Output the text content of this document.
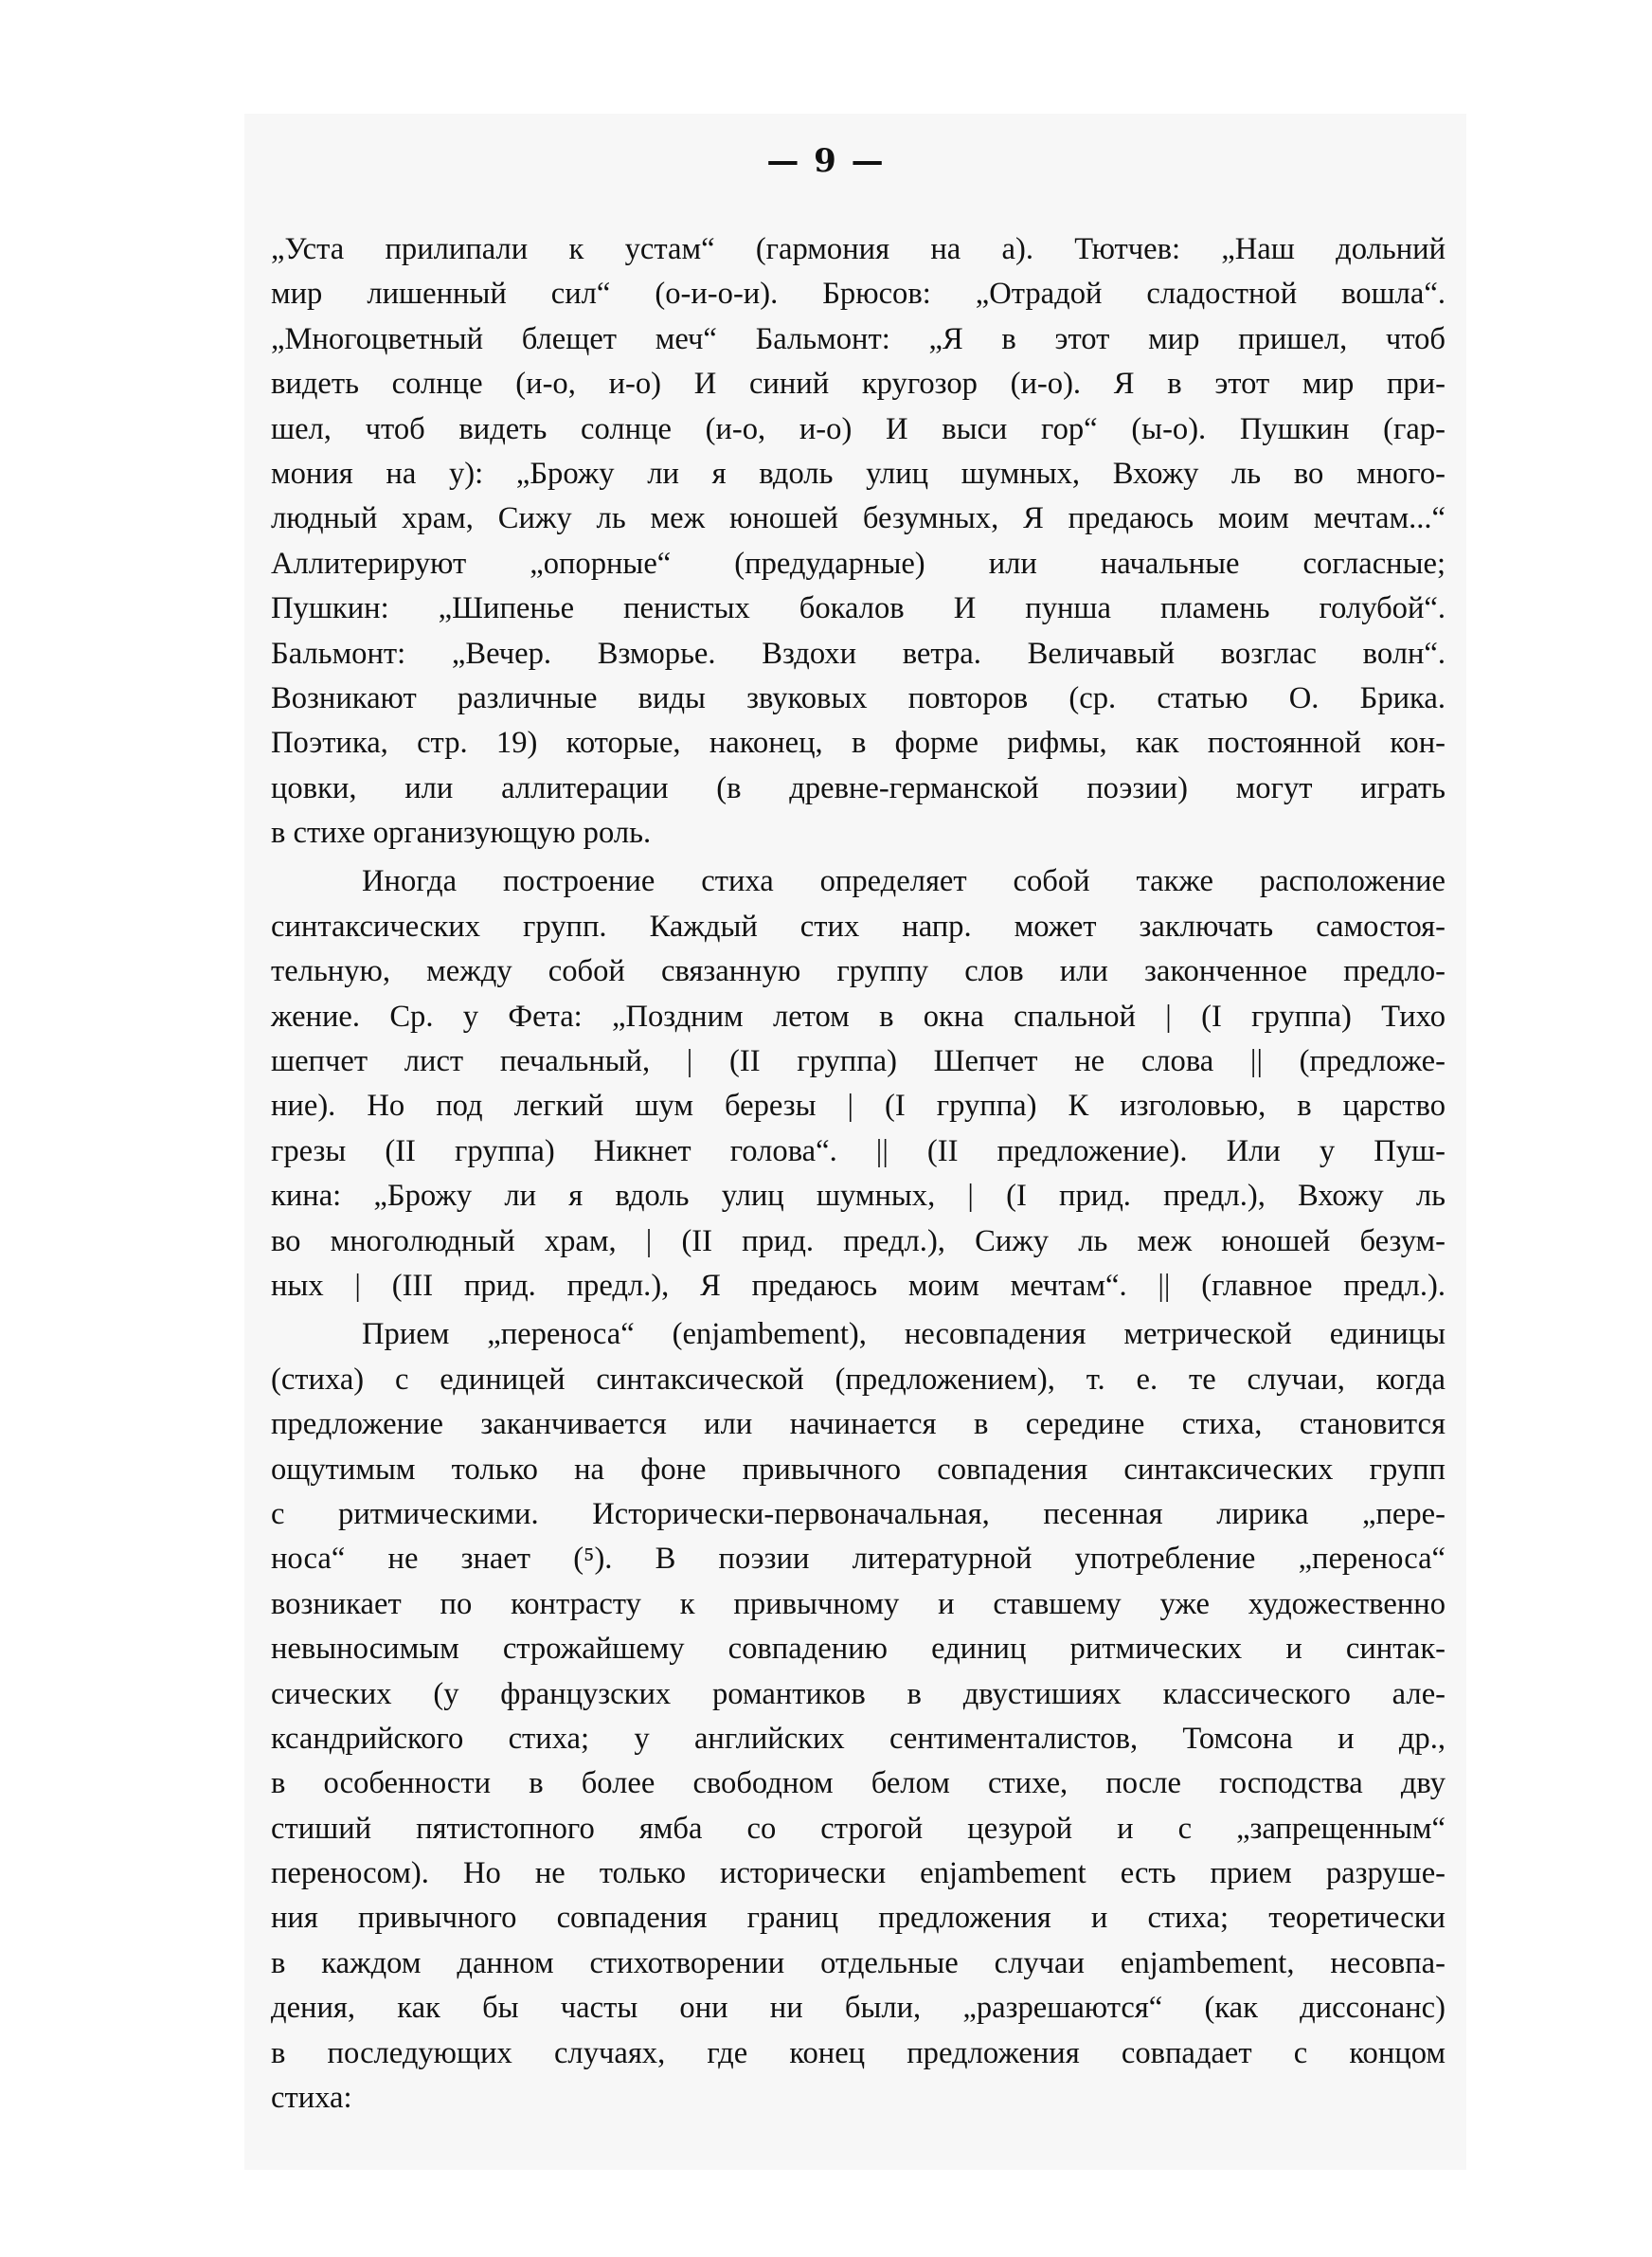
— 9 —
„Уста прилипали к устам“ (гармония на а). Тютчев: „Наш дольний
мир лишенный сил“ (о-и-о-и). Брюсов: „Отрадой сладостной вошла“.
„Многоцветный блещет меч“ Бальмонт: „Я в этот мир пришел, чтоб
видеть солнце (и-о, и-о) И синий кругозор (и-о). Я в этот мир при-
шел, чтоб видеть солнце (и-о, и-о) И выси гор“ (ы-о). Пушкин (гар-
мония на у): „Брожу ли я вдоль улиц шумных, Вхожу ль во много-
людный храм, Сижу ль меж юношей безумных, Я предаюсь моим мечтам...“
Аллитерируют „опорные“ (предударные) или начальные согласные;
Пушкин: „Шипенье пенистых бокалов И пунша пламень голубой“.
Бальмонт: „Вечер. Взморье. Вздохи ветра. Величавый возглас волн“.
Возникают различные виды звуковых повторов (ср. статью О. Брика.
Поэтика, стр. 19) которые, наконец, в форме рифмы, как постоянной кон-
цовки, или аллитерации (в древне-германской поэзии) могут играть
в стихе организующую роль.
Иногда построение стиха определяет собой также расположение
синтаксических групп. Каждый стих напр. может заключать самостоя-
тельную, между собой связанную группу слов или законченное предло-
жение. Ср. у Фета: „Поздним летом в окна спальной | (I группа) Тихо
шепчет лист печальный, | (II группа) Шепчет не слова || (предложе-
ние). Но под легкий шум березы | (I группа) К изголовью, в царство
грезы (II группа) Никнет голова“. || (II предложение). Или у Пуш-
кина: „Брожу ли я вдоль улиц шумных, | (I прид. предл.), Вхожу ль
во многолюдный храм, | (II прид. предл.), Сижу ль меж юношей безум-
ных | (III прид. предл.), Я предаюсь моим мечтам“. || (главное предл.).
Прием „переноса“ (enjambement), несовпадения метрической единицы
(стиха) с единицей синтаксической (предложением), т. е. те случаи, когда
предложение заканчивается или начинается в середине стиха, становится
ощутимым только на фоне привычного совпадения синтаксических групп
с ритмическими. Исторически-первоначальная, песенная лирика „пере-
носа“ не знает (⁵). В поэзии литературной употребление „переноса“
возникает по контрасту к привычному и ставшему уже художественно
невыносимым строжайшему совпадению единиц ритмических и синтак-
сических (у французских романтиков в двустишиях классического але-
ксандрийского стиха; у английских сентименталистов, Томсона и др.,
в особенности в более свободном белом стихе, после господства дву
стиший пятистопного ямба со строгой цезурой и с „запрещенным“
переносом). Но не только исторически enjambement есть прием разруше-
ния привычного совпадения границ предложения и стиха; теоретически
в каждом данном стихотворении отдельные случаи enjambement, несовпа-
дения, как бы часты они ни были, „разрешаются“ (как диссонанс)
в последующих случаях, где конец предложения совпадает с концом
стиха:
